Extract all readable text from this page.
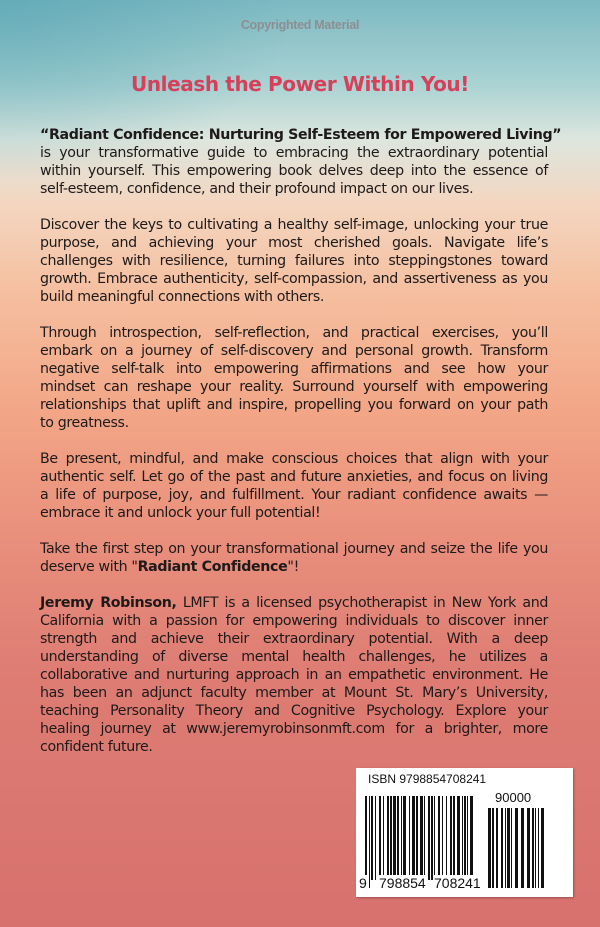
Copyrighted Material
Unleash the Power Within You!
“Radiant Confidence: Nurturing Self-Esteem for Empowered Living”
is your transformative guide to embracing the extraordinary potential
within yourself. This empowering book delves deep into the essence of
self-esteem, confidence, and their profound impact on our lives.
Discover the keys to cultivating a healthy self-image, unlocking your true
purpose, and achieving your most cherished goals. Navigate life’s
challenges with resilience, turning failures into steppingstones toward
growth. Embrace authenticity, self-compassion, and assertiveness as you
build meaningful connections with others.
Through introspection, self-reflection, and practical exercises, you’ll
embark on a journey of self-discovery and personal growth. Transform
negative self-talk into empowering affirmations and see how your
mindset can reshape your reality. Surround yourself with empowering
relationships that uplift and inspire, propelling you forward on your path
to greatness.
Be present, mindful, and make conscious choices that align with your
authentic self. Let go of the past and future anxieties, and focus on living
a life of purpose, joy, and fulfillment. Your radiant confidence awaits —
embrace it and unlock your full potential!
Take the first step on your transformational journey and seize the life you
deserve with "Radiant Confidence"!
Jeremy Robinson, LMFT is a licensed psychotherapist in New York and
California with a passion for empowering individuals to discover inner
strength and achieve their extraordinary potential. With a deep
understanding of diverse mental health challenges, he utilizes a
collaborative and nurturing approach in an empathetic environment. He
has been an adjunct faculty member at Mount St. Mary’s University,
teaching Personality Theory and Cognitive Psychology. Explore your
healing journey at www.jeremyrobinsonmft.com for a brighter, more
confident future.
ISBN 9798854708241
90000
9 798854 708241
